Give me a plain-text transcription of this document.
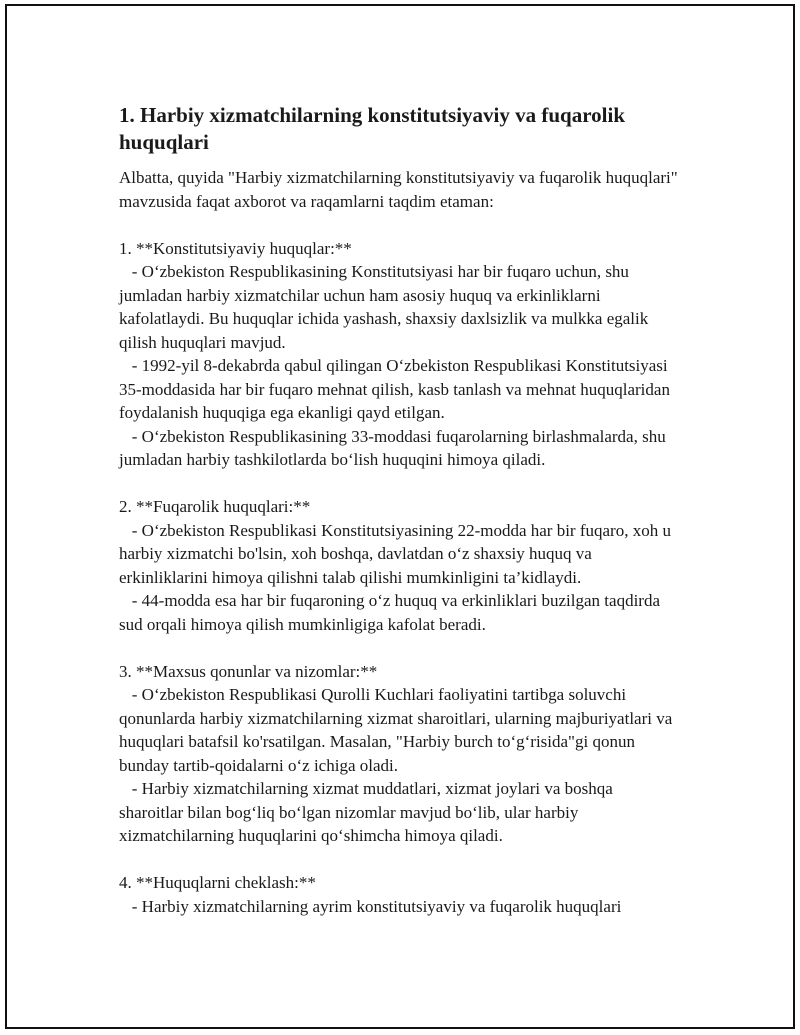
1. Harbiy xizmatchilarning konstitutsiyaviy va fuqarolik huquqlari

Albatta, quyida "Harbiy xizmatchilarning konstitutsiyaviy va fuqarolik huquqlari" mavzusida faqat axborot va raqamlarni taqdim etaman:

1. **Konstitutsiyaviy huquqlar:**
- O‘zbekiston Respublikasining Konstitutsiyasi har bir fuqaro uchun, shu jumladan harbiy xizmatchilar uchun ham asosiy huquq va erkinliklarni kafolatlaydi. Bu huquqlar ichida yashash, shaxsiy daxlsizlik va mulkka egalik qilish huquqlari mavjud.
- 1992-yil 8-dekabrda qabul qilingan O‘zbekiston Respublikasi Konstitutsiyasi 35-moddasida har bir fuqaro mehnat qilish, kasb tanlash va mehnat huquqlaridan foydalanish huquqiga ega ekanligi qayd etilgan.
- O‘zbekiston Respublikasining 33-moddasi fuqarolarning birlashmalarda, shu jumladan harbiy tashkilotlarda bo‘lish huquqini himoya qiladi.

2. **Fuqarolik huquqlari:**
- O‘zbekiston Respublikasi Konstitutsiyasining 22-modda har bir fuqaro, xoh u harbiy xizmatchi bo'lsin, xoh boshqa, davlatdan o‘z shaxsiy huquq va erkinliklarini himoya qilishni talab qilishi mumkinligini ta’kidlaydi.
- 44-modda esa har bir fuqaroning o‘z huquq va erkinliklari buzilgan taqdirda sud orqali himoya qilish mumkinligiga kafolat beradi.

3. **Maxsus qonunlar va nizomlar:**
- O‘zbekiston Respublikasi Qurolli Kuchlari faoliyatini tartibga soluvchi qonunlarda harbiy xizmatchilarning xizmat sharoitlari, ularning majburiyatlari va huquqlari batafsil ko'rsatilgan. Masalan, "Harbiy burch to‘g‘risida"gi qonun bunday tartib-qoidalarni o‘z ichiga oladi.
- Harbiy xizmatchilarning xizmat muddatlari, xizmat joylari va boshqa sharoitlar bilan bog‘liq bo‘lgan nizomlar mavjud bo‘lib, ular harbiy xizmatchilarning huquqlarini qo‘shimcha himoya qiladi.

4. **Huquqlarni cheklash:**
- Harbiy xizmatchilarning ayrim konstitutsiyaviy va fuqarolik huquqlari
